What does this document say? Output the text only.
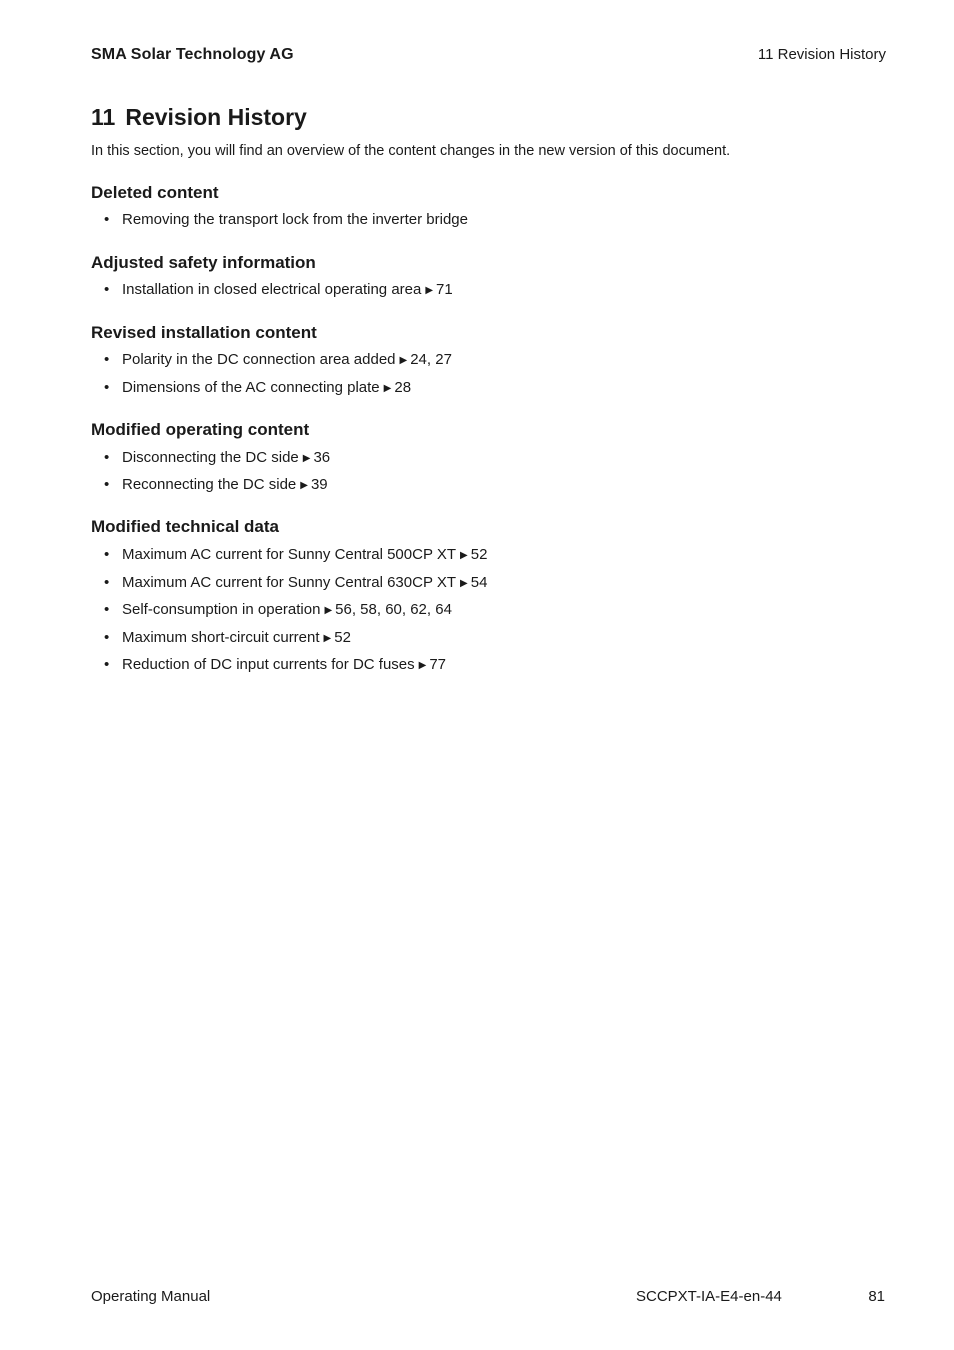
SMA Solar Technology AG	11 Revision History
11 Revision History

In this section, you will find an overview of the content changes in the new version of this document.

Deleted content
• Removing the transport lock from the inverter bridge
Adjusted safety information
• Installation in closed electrical operating area ▶ 71
Revised installation content
• Polarity in the DC connection area added ▶ 24, 27
• Dimensions of the AC connecting plate ▶ 28
Modified operating content
• Disconnecting the DC side ▶ 36
• Reconnecting the DC side ▶ 39
Modified technical data
• Maximum AC current for Sunny Central 500CP XT ▶ 52
• Maximum AC current for Sunny Central 630CP XT ▶ 54
• Self-consumption in operation ▶ 56, 58, 60, 62, 64
• Maximum short-circuit current ▶ 52
• Reduction of DC input currents for DC fuses ▶ 77
Operating Manual	SCCPXT-IA-E4-en-44	81
